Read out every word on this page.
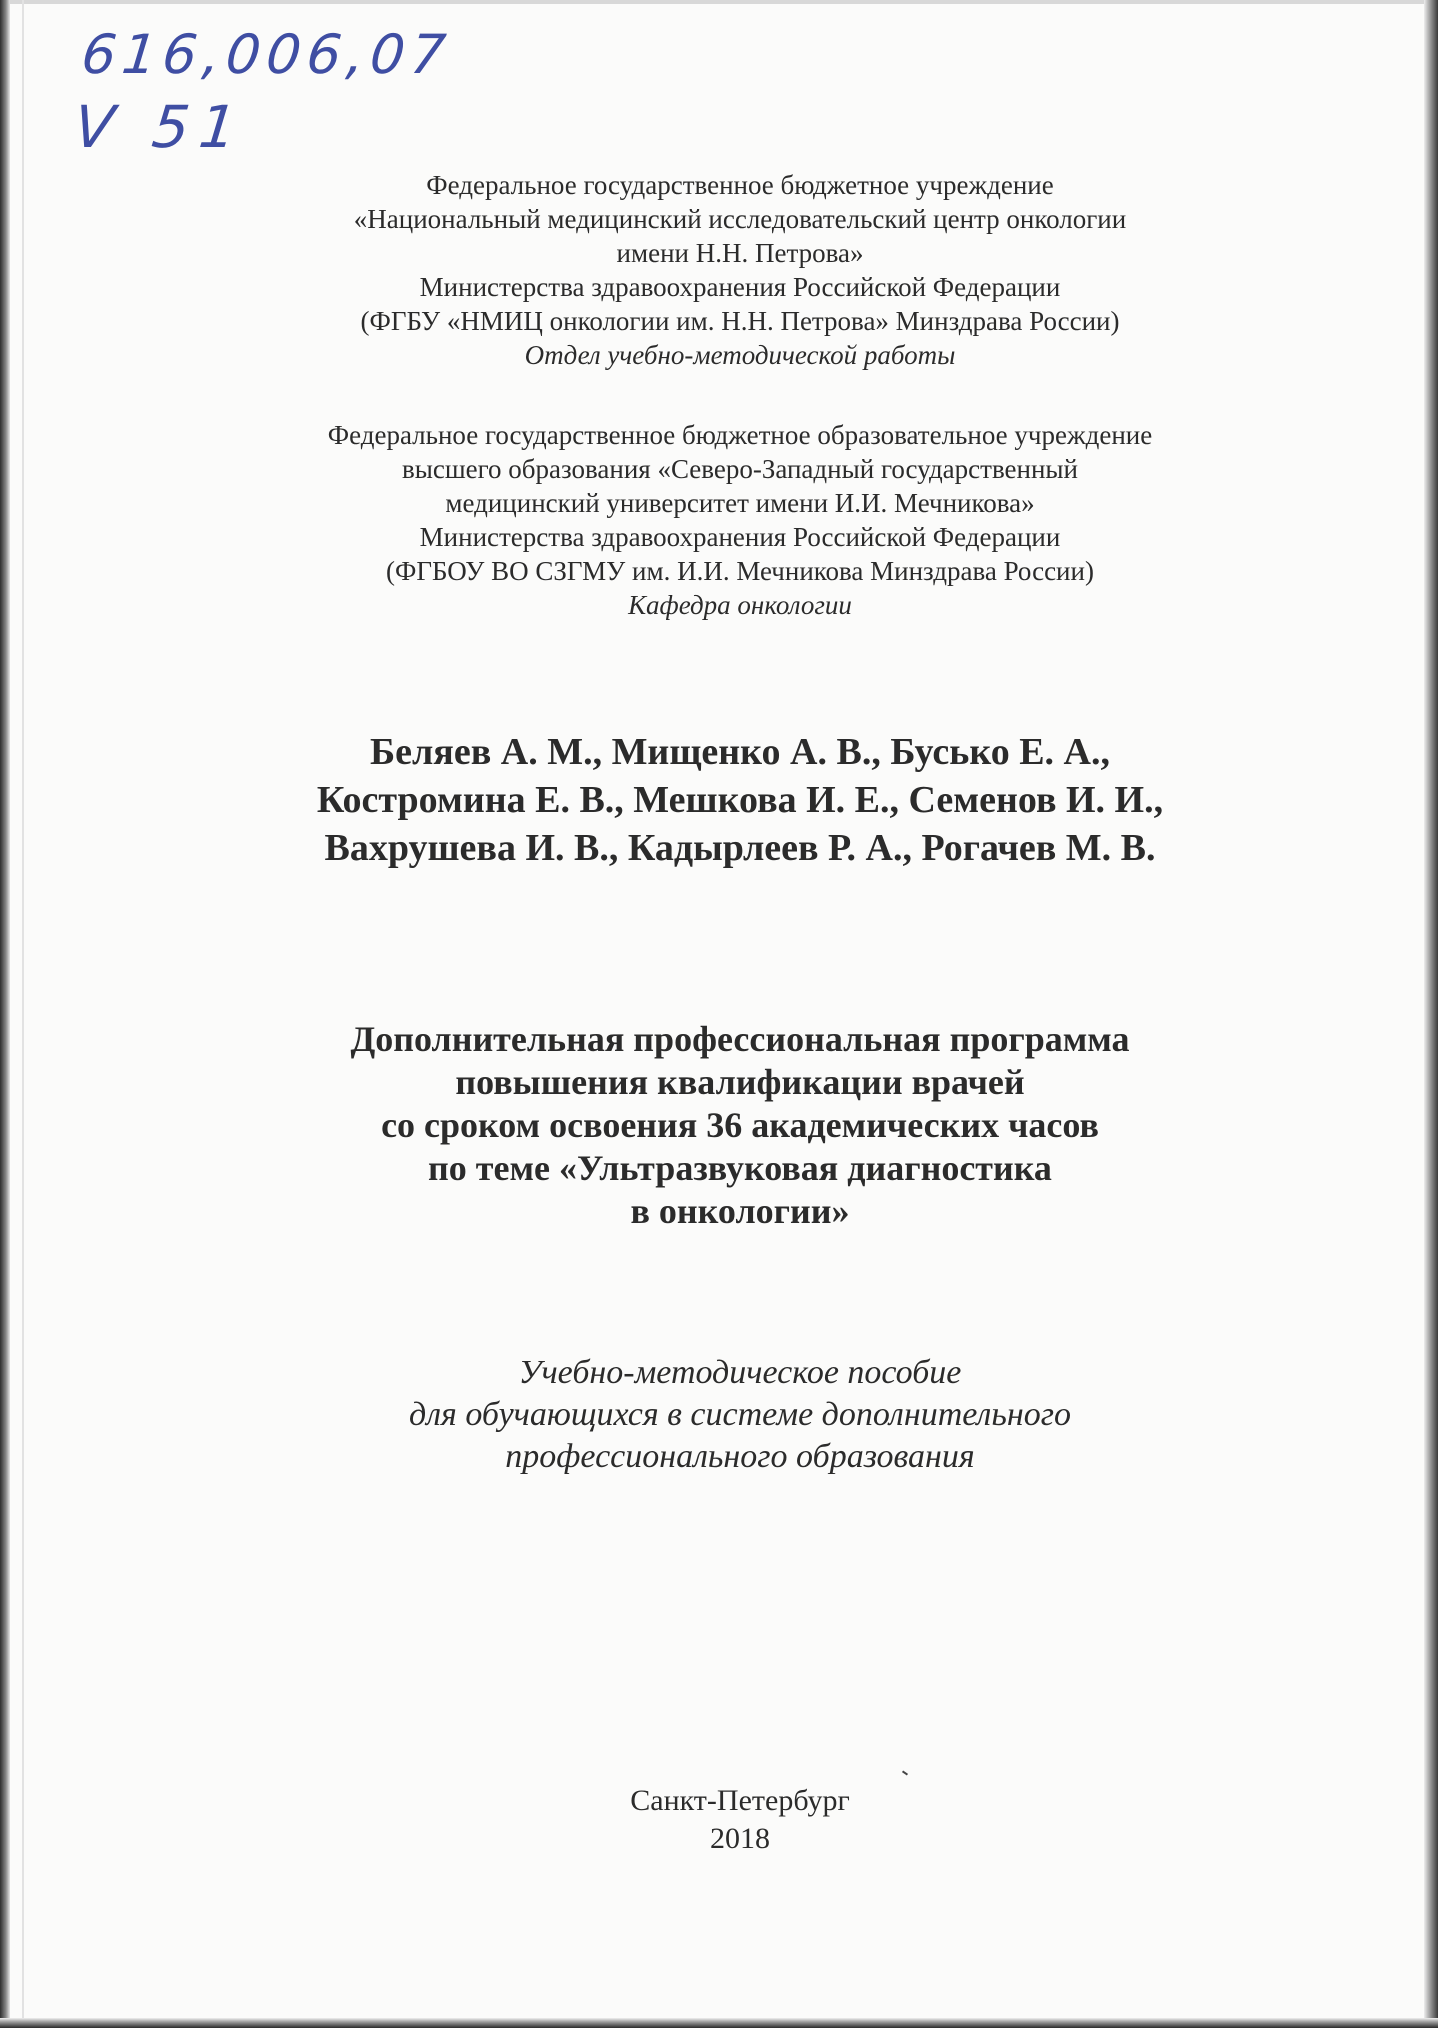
616,006,07
V 51
Федеральное государственное бюджетное учреждение
«Национальный медицинский исследовательский центр онкологии
имени Н.Н. Петрова»
Министерства здравоохранения Российской Федерации
(ФГБУ «НМИЦ онкологии им. Н.Н. Петрова» Минздрава России)
Отдел учебно-методической работы
Федеральное государственное бюджетное образовательное учреждение
высшего образования «Северо-Западный государственный
медицинский университет имени И.И. Мечникова»
Министерства здравоохранения Российской Федерации
(ФГБОУ ВО СЗГМУ им. И.И. Мечникова Минздрава России)
Кафедра онкологии
Беляев А. М., Мищенко А. В., Бусько Е. А.,
Костромина Е. В., Мешкова И. Е., Семенов И. И.,
Вахрушева И. В., Кадырлеев Р. А., Рогачев М. В.
Дополнительная профессиональная программа
повышения квалификации врачей
со сроком освоения 36 академических часов
по теме «Ультразвуковая диагностика
в онкологии»
Учебно-методическое пособие
для обучающихся в системе дополнительного
профессионального образования
Санкт-Петербург
2018
